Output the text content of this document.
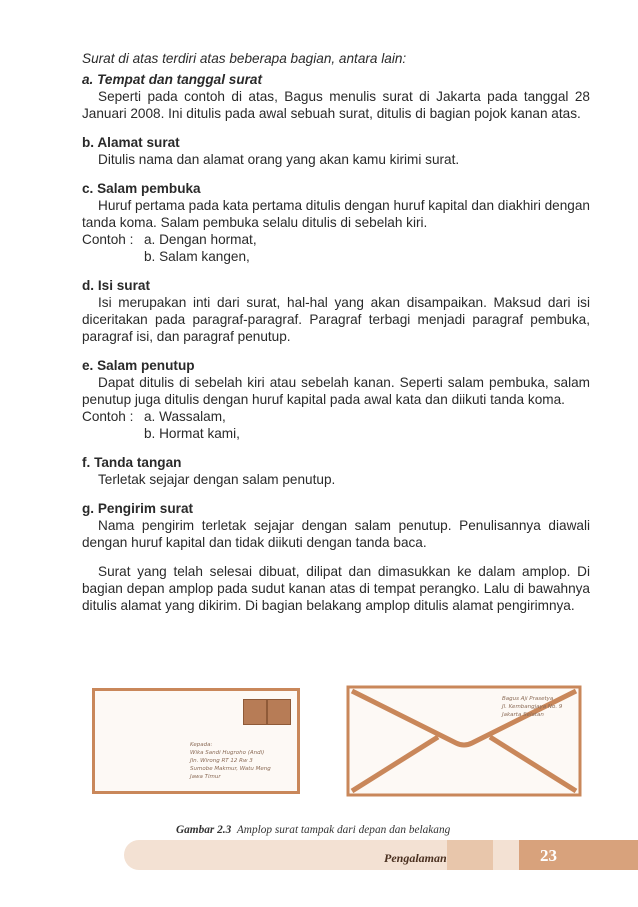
Surat di atas terdiri atas beberapa bagian, antara lain:

a. Tempat dan tanggal surat

Seperti pada contoh di atas, Bagus menulis surat di Jakarta pada tanggal 28 Januari 2008. Ini ditulis pada awal sebuah surat, ditulis di bagian pojok kanan atas.

b. Alamat surat

Ditulis nama dan alamat orang yang akan kamu kirimi surat.

c. Salam pembuka

Huruf pertama pada kata pertama ditulis dengan huruf kapital dan diakhiri dengan tanda koma. Salam pembuka selalu ditulis di sebelah kiri.

Contoh : a. Dengan hormat,

b. Salam kangen,

d. Isi surat

Isi merupakan inti dari surat, hal-hal yang akan disampaikan. Maksud dari isi diceritakan pada paragraf-paragraf. Paragraf terbagi menjadi paragraf pembuka, paragraf isi, dan paragraf penutup.

e. Salam penutup

Dapat ditulis di sebelah kiri atau sebelah kanan. Seperti salam pembuka, salam penutup juga ditulis dengan huruf kapital pada awal kata dan diikuti tanda koma.

Contoh : a. Wassalam,

b. Hormat kami,

f. Tanda tangan

Terletak sejajar dengan salam penutup.

g. Pengirim surat

Nama pengirim terletak sejajar dengan salam penutup. Penulisannya diawali dengan huruf kapital dan tidak diikuti dengan tanda baca.

Surat yang telah selesai dibuat, dilipat dan dimasukkan ke dalam amplop. Di bagian depan amplop pada sudut kanan atas di tempat perangko. Lalu di bawahnya ditulis alamat yang dikirim. Di bagian belakang amplop ditulis alamat pengirimnya.

Kepada:
Wika Sandi Hugroho (Andi)
Jln. Wirong RT 12 Rw 3
Sumobe Makmur, Watu Meng
Jawa Timur
Bagus Aji Prasetya
Jl. Kembangjaya No. 9
Jakarta Selatan
Gambar 2.3 Amplop surat tampak dari depan dan belakang
Pengalaman	23
